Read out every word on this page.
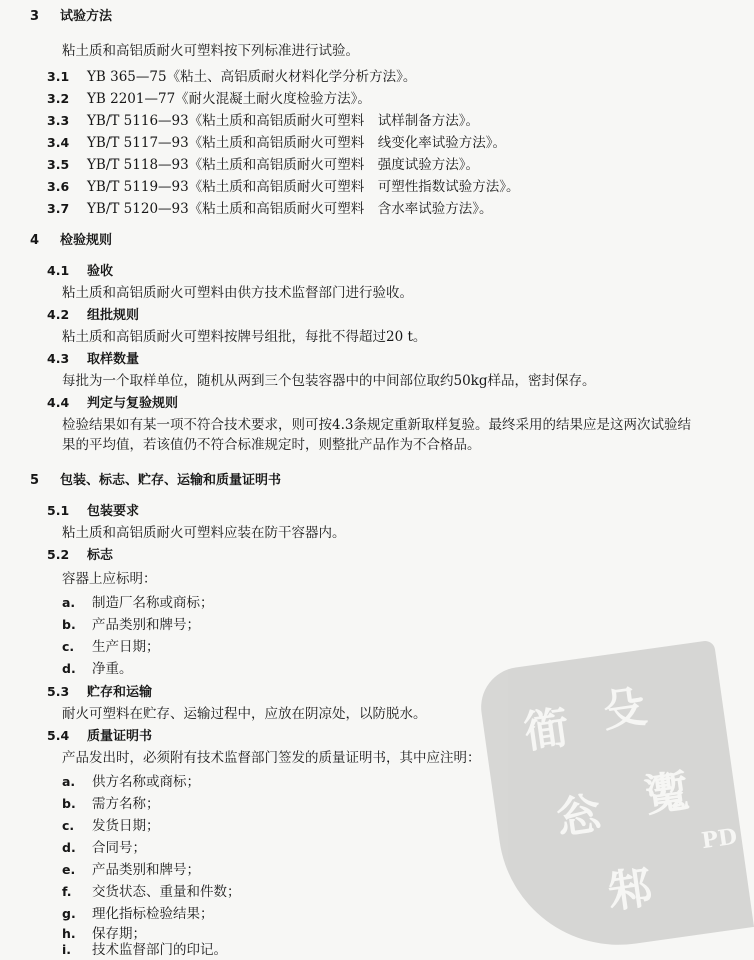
衜 殳
忩 魙
邾
PD
3 试验方法
粘土质和高铝质耐火可塑料按下列标准进行试验。
3.1 YB 365—75《粘土、高铝质耐火材料化学分析方法》。
3.2 YB 2201—77《耐火混凝土耐火度检验方法》。
3.3 YB/T 5116—93《粘土质和高铝质耐火可塑料　试样制备方法》。
3.4 YB/T 5117—93《粘土质和高铝质耐火可塑料　线变化率试验方法》。
3.5 YB/T 5118—93《粘土质和高铝质耐火可塑料　强度试验方法》。
3.6 YB/T 5119—93《粘土质和高铝质耐火可塑料　可塑性指数试验方法》。
3.7 YB/T 5120—93《粘土质和高铝质耐火可塑料　含水率试验方法》。
4 检验规则
4.1 验收
粘土质和高铝质耐火可塑料由供方技术监督部门进行验收。
4.2 组批规则
粘土质和高铝质耐火可塑料按牌号组批，每批不得超过20 t。
4.3 取样数量
每批为一个取样单位，随机从两到三个包装容器中的中间部位取约50kg样品，密封保存。
4.4 判定与复验规则
检验结果如有某一项不符合技术要求，则可按4.3条规定重新取样复验。最终采用的结果应是这两次试验结果的平均值，若该值仍不符合标准规定时，则整批产品作为不合格品。
5 包装、标志、贮存、运输和质量证明书
5.1 包装要求
粘土质和高铝质耐火可塑料应装在防干容器内。
5.2 标志
容器上应标明：
a. 制造厂名称或商标；
b. 产品类别和牌号；
c. 生产日期；
d. 净重。
5.3 贮存和运输
耐火可塑料在贮存、运输过程中，应放在阴凉处，以防脱水。
5.4 质量证明书
产品发出时，必须附有技术监督部门签发的质量证明书，其中应注明：
a. 供方名称或商标；
b. 需方名称；
c. 发货日期；
d. 合同号；
e. 产品类别和牌号；
f. 交货状态、重量和件数；
g. 理化指标检验结果；
h. 保存期；
i. 技术监督部门的印记。
